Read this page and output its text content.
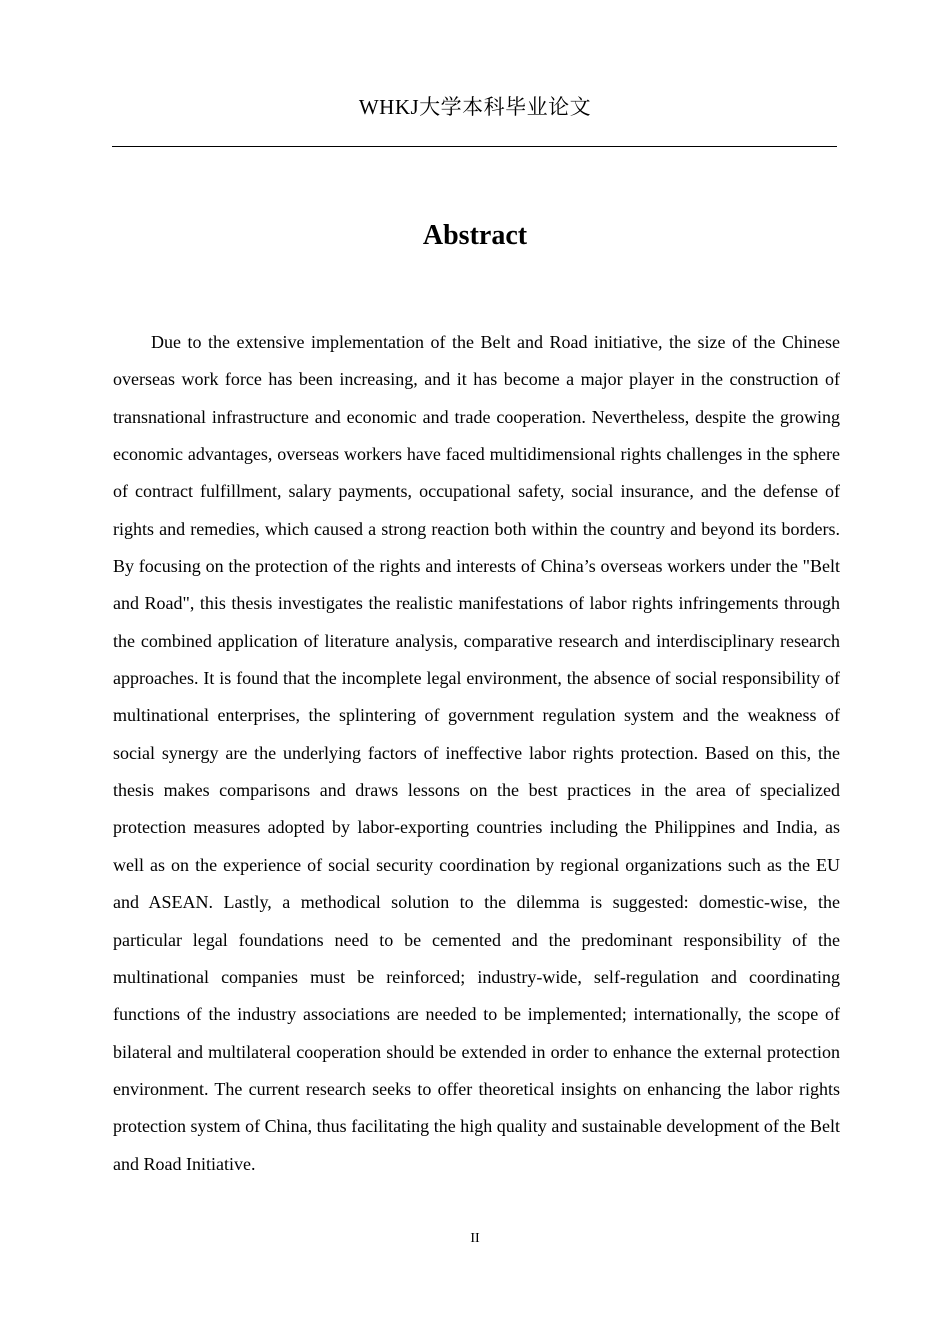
WHKJ大学本科毕业论文
Abstract

Due to the extensive implementation of the Belt and Road initiative, the size of the Chinese overseas work force has been increasing, and it has become a major player in the construction of transnational infrastructure and economic and trade cooperation. Nevertheless, despite the growing economic advantages, overseas workers have faced multidimensional rights challenges in the sphere of contract fulfillment, salary payments, occupational safety, social insurance, and the defense of rights and remedies, which caused a strong reaction both within the country and beyond its borders. By focusing on the protection of the rights and interests of China’s overseas workers under the "Belt and Road", this thesis investigates the realistic manifestations of labor rights infringements through the combined application of literature analysis, comparative research and interdisciplinary research approaches. It is found that the incomplete legal environment, the absence of social responsibility of multinational enterprises, the splintering of government regulation system and the weakness of social synergy are the underlying factors of ineffective labor rights protection. Based on this, the thesis makes comparisons and draws lessons on the best practices in the area of specialized protection measures adopted by labor-exporting countries including the Philippines and India, as well as on the experience of social security coordination by regional organizations such as the EU and ASEAN. Lastly, a methodical solution to the dilemma is suggested: domestic-wise, the particular legal foundations need to be cemented and the predominant responsibility of the multinational companies must be reinforced; industry-wide, self-regulation and coordinating functions of the industry associations are needed to be implemented; internationally, the scope of bilateral and multilateral cooperation should be extended in order to enhance the external protection environment. The current research seeks to offer theoretical insights on enhancing the labor rights protection system of China, thus facilitating the high quality and sustainable development of the Belt and Road Initiative.

II
